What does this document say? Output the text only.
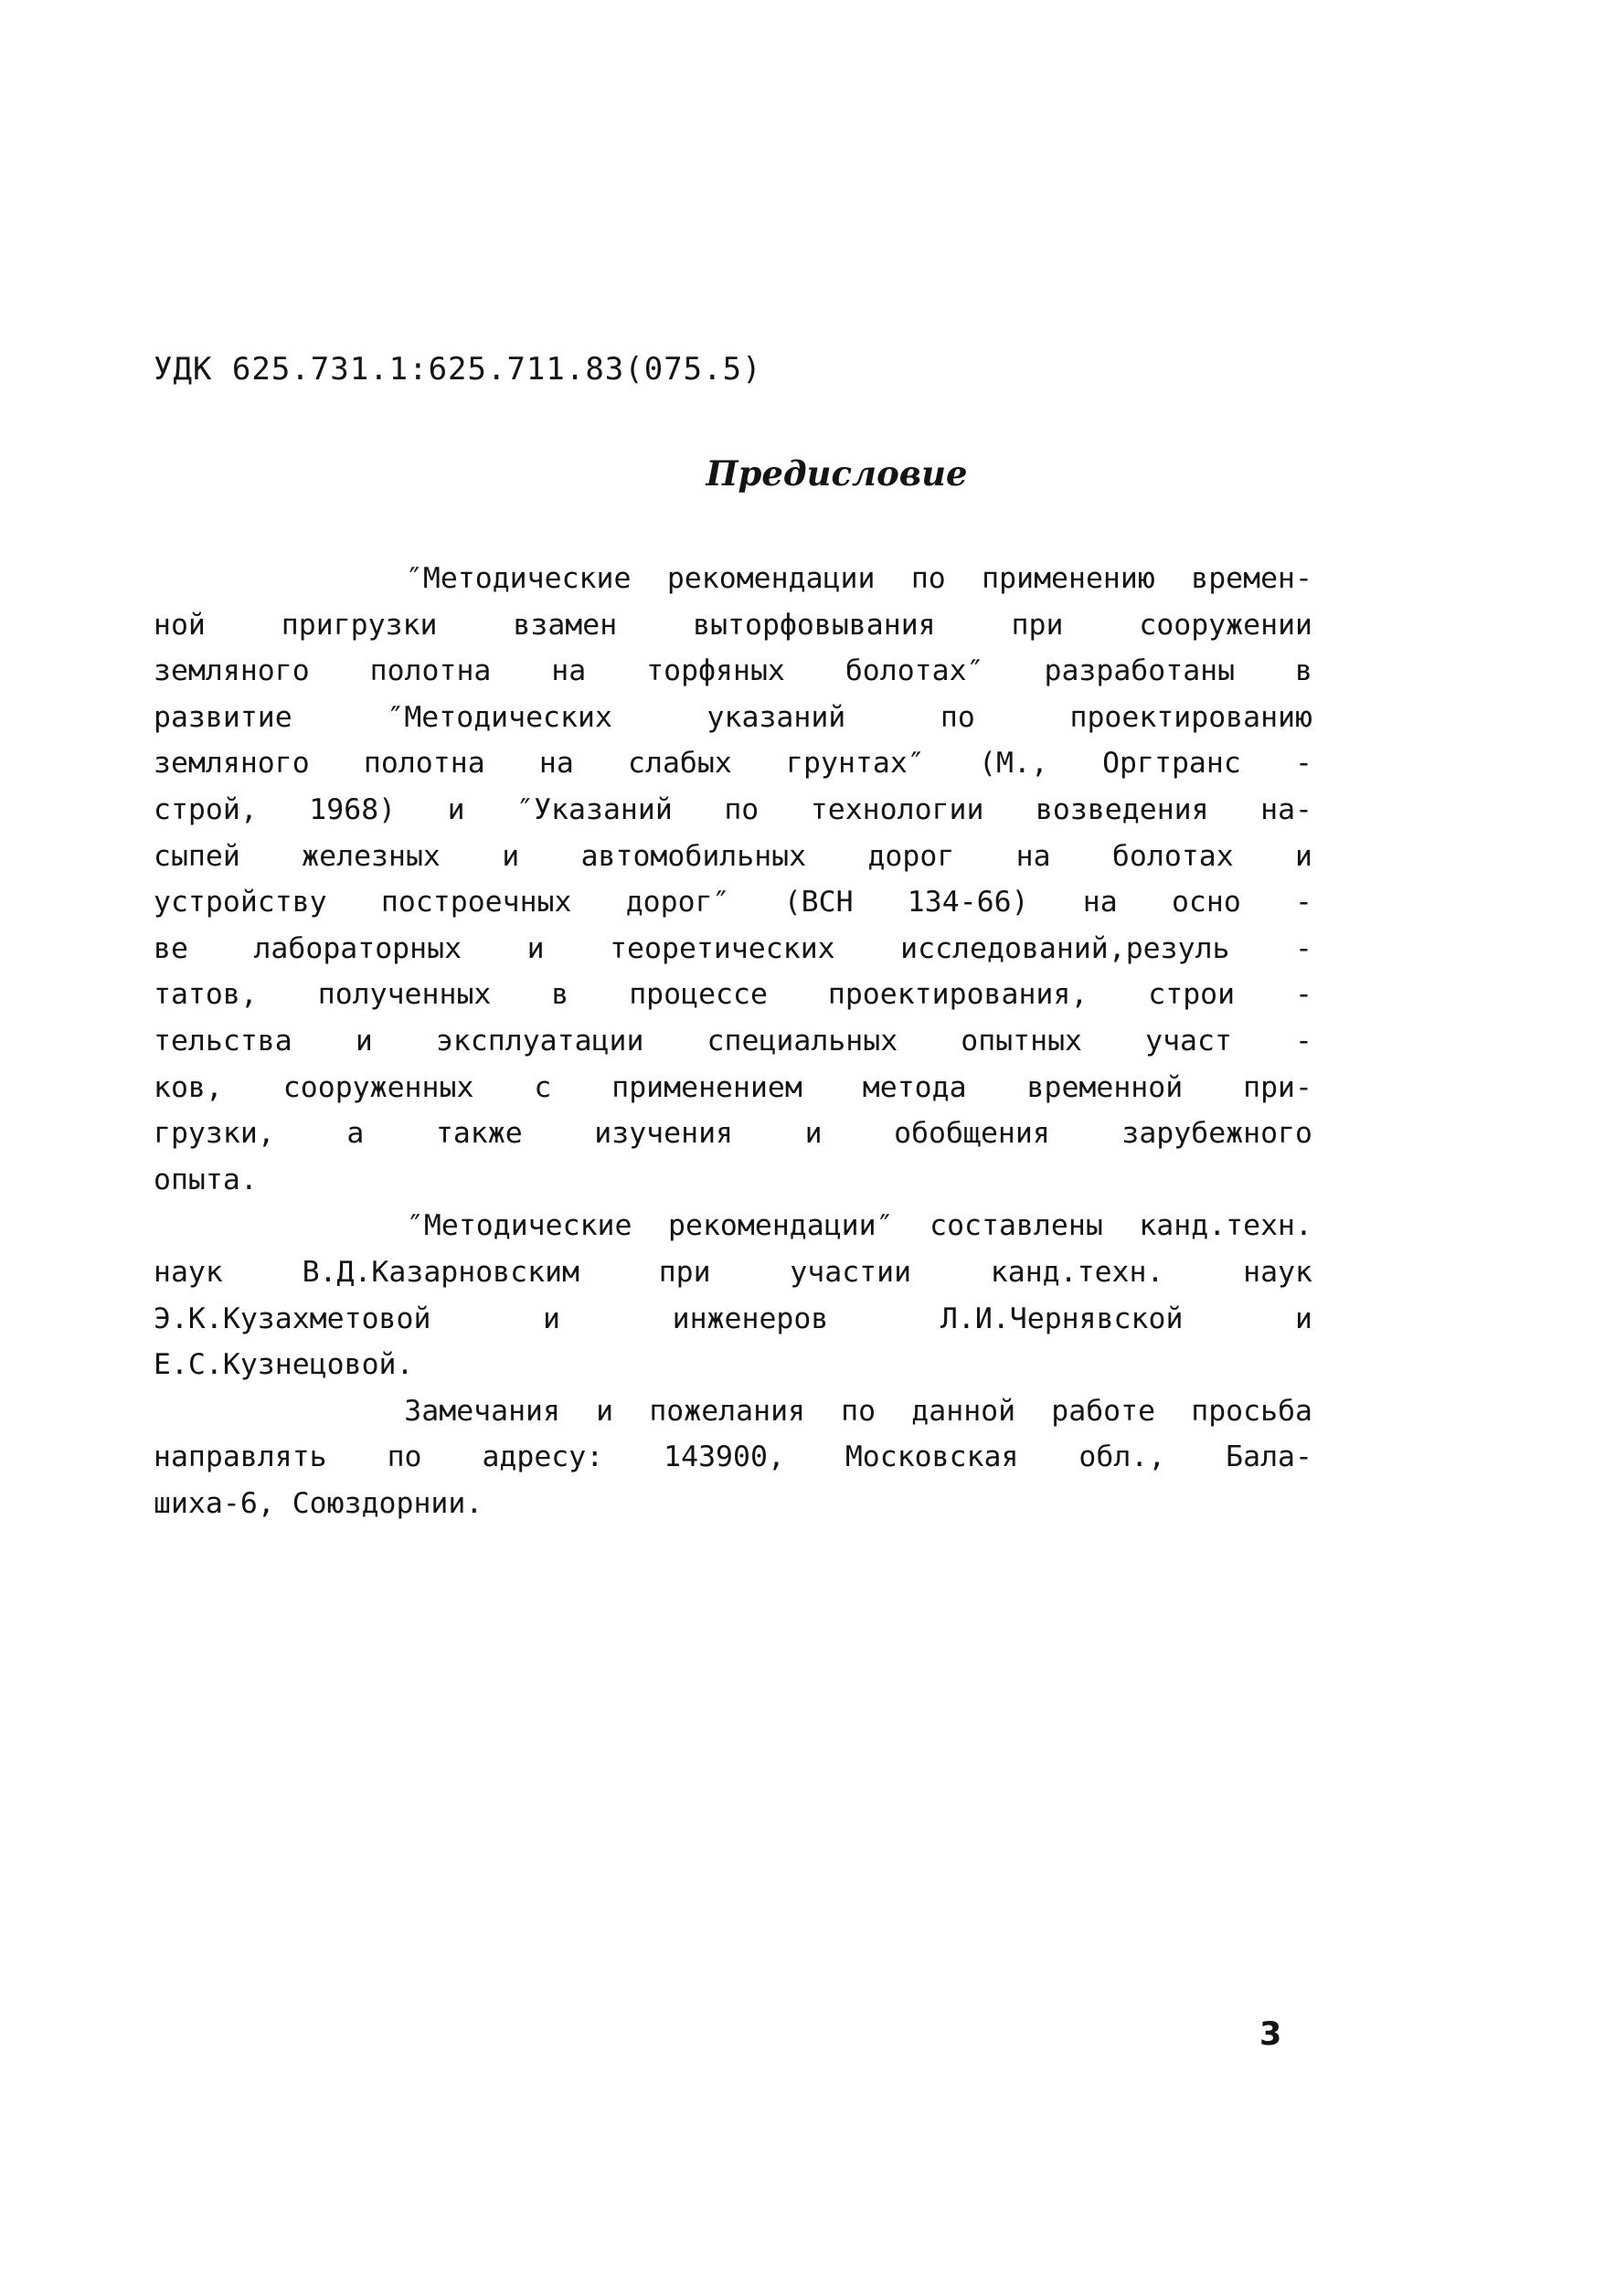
УДК 625.731.1:625.711.83(075.5)
Предисловие
″Методические рекомендации по применению времен-
ной пригрузки взамен выторфовывания при сооружении
земляного полотна на торфяных болотах″ разработаны в
развитие ″Методических указаний по проектированию
земляного полотна на слабых грунтах″ (М., Оргтранс -
строй, 1968) и ″Указаний по технологии возведения на-
сыпей железных и автомобильных дорог на болотах и
устройству построечных дорог″ (ВСН 134-66) на осно -
ве лабораторных и теоретических исследований,резуль -
татов, полученных в процессе проектирования, строи -
тельства и эксплуатации специальных опытных участ -
ков, сооруженных с применением метода временной при-
грузки, а также изучения и обобщения зарубежного
опыта.
″Методические рекомендации″ составлены канд.техн.
наук В.Д.Казарновским при участии канд.техн. наук
Э.К.Кузахметовой и инженеров Л.И.Чернявской и
Е.С.Кузнецовой.
Замечания и пожелания по данной работе просьба
направлять по адресу: 143900, Московская обл., Бала-
шиха-6, Союздорнии.
3
